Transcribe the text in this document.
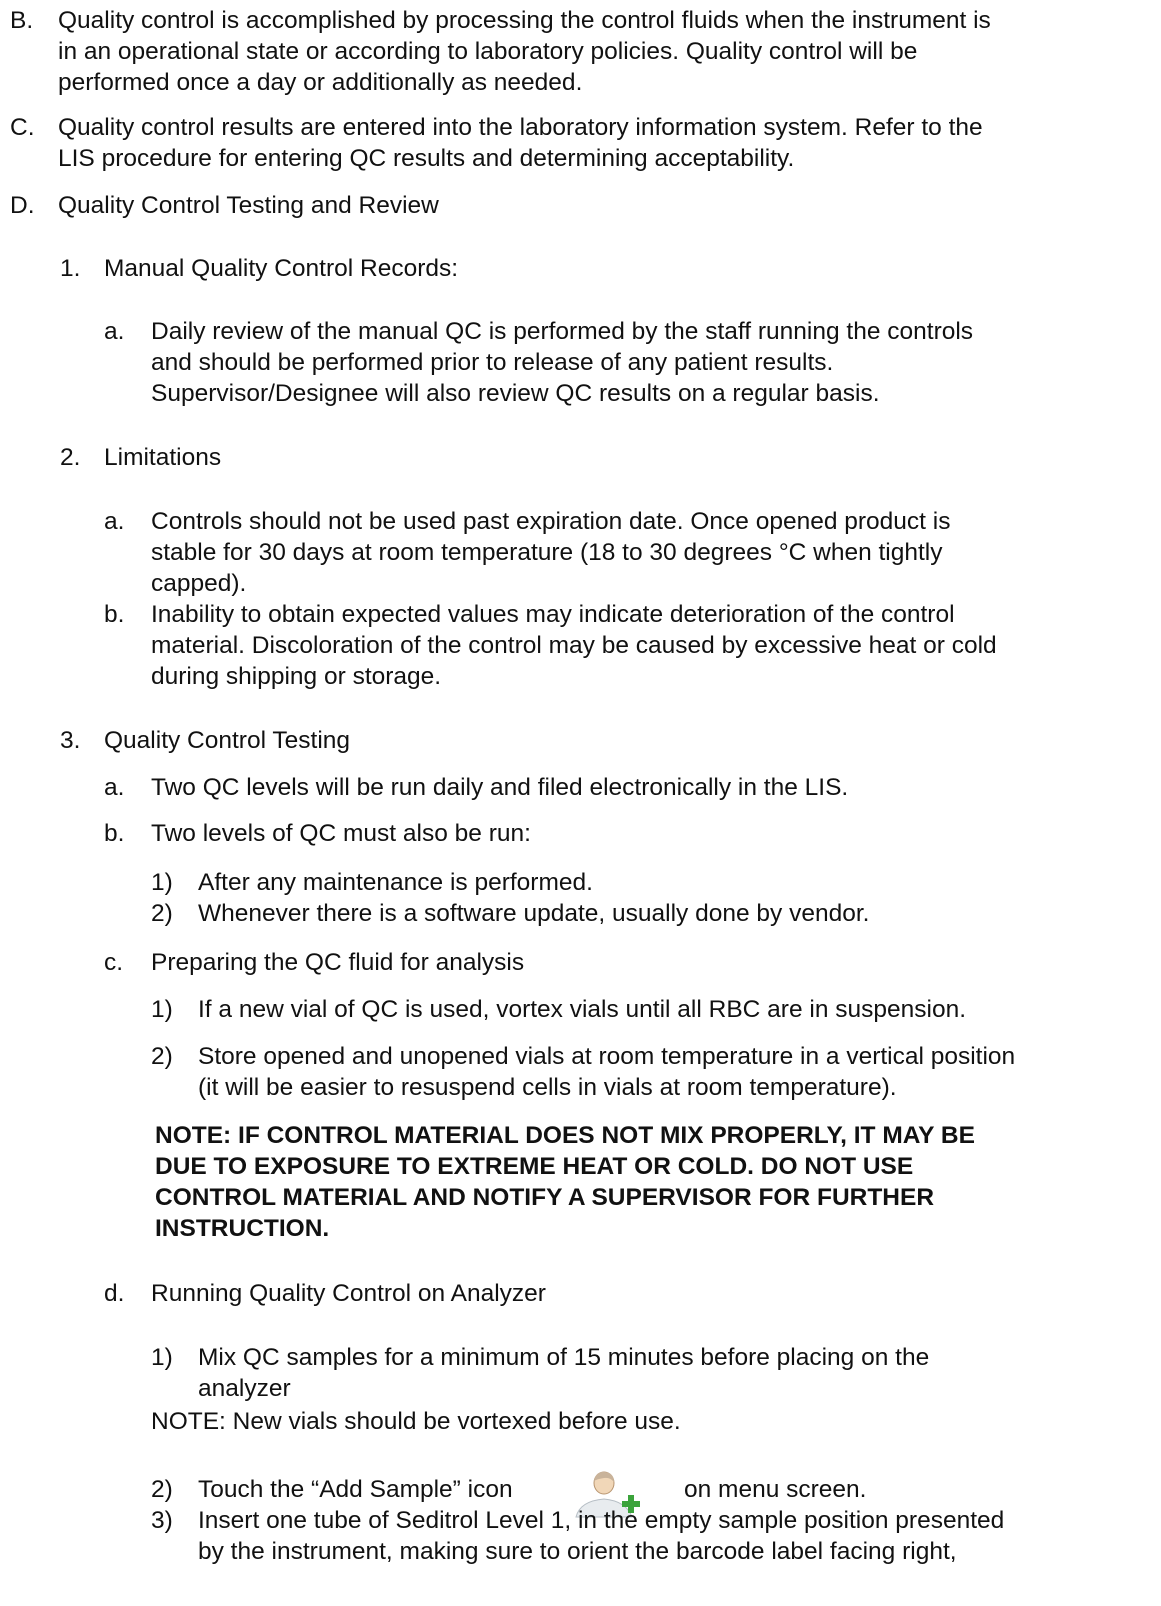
B. Quality control is accomplished by processing the control fluids when the instrument is
in an operational state or according to laboratory policies. Quality control will be
performed once a day or additionally as needed.
C. Quality control results are entered into the laboratory information system. Refer to the
LIS procedure for entering QC results and determining acceptability.
D. Quality Control Testing and Review
1. Manual Quality Control Records:
a. Daily review of the manual QC is performed by the staff running the controls
and should be performed prior to release of any patient results.
Supervisor/Designee will also review QC results on a regular basis.
2. Limitations
a. Controls should not be used past expiration date. Once opened product is
stable for 30 days at room temperature (18 to 30 degrees °C when tightly
capped).
b. Inability to obtain expected values may indicate deterioration of the control
material. Discoloration of the control may be caused by excessive heat or cold
during shipping or storage.
3. Quality Control Testing
a. Two QC levels will be run daily and filed electronically in the LIS.
b. Two levels of QC must also be run:
1) After any maintenance is performed.
2) Whenever there is a software update, usually done by vendor.
c. Preparing the QC fluid for analysis
1) If a new vial of QC is used, vortex vials until all RBC are in suspension.
2) Store opened and unopened vials at room temperature in a vertical position
(it will be easier to resuspend cells in vials at room temperature).
NOTE: IF CONTROL MATERIAL DOES NOT MIX PROPERLY, IT MAY BE
DUE TO EXPOSURE TO EXTREME HEAT OR COLD. DO NOT USE
CONTROL MATERIAL AND NOTIFY A SUPERVISOR FOR FURTHER
INSTRUCTION.
d. Running Quality Control on Analyzer
1) Mix QC samples for a minimum of 15 minutes before placing on the
analyzer
NOTE: New vials should be vortexed before use.
2) Touch the “Add Sample” icon	on menu screen.
3) Insert one tube of Seditrol Level 1, in the empty sample position presented
by the instrument, making sure to orient the barcode label facing right,
